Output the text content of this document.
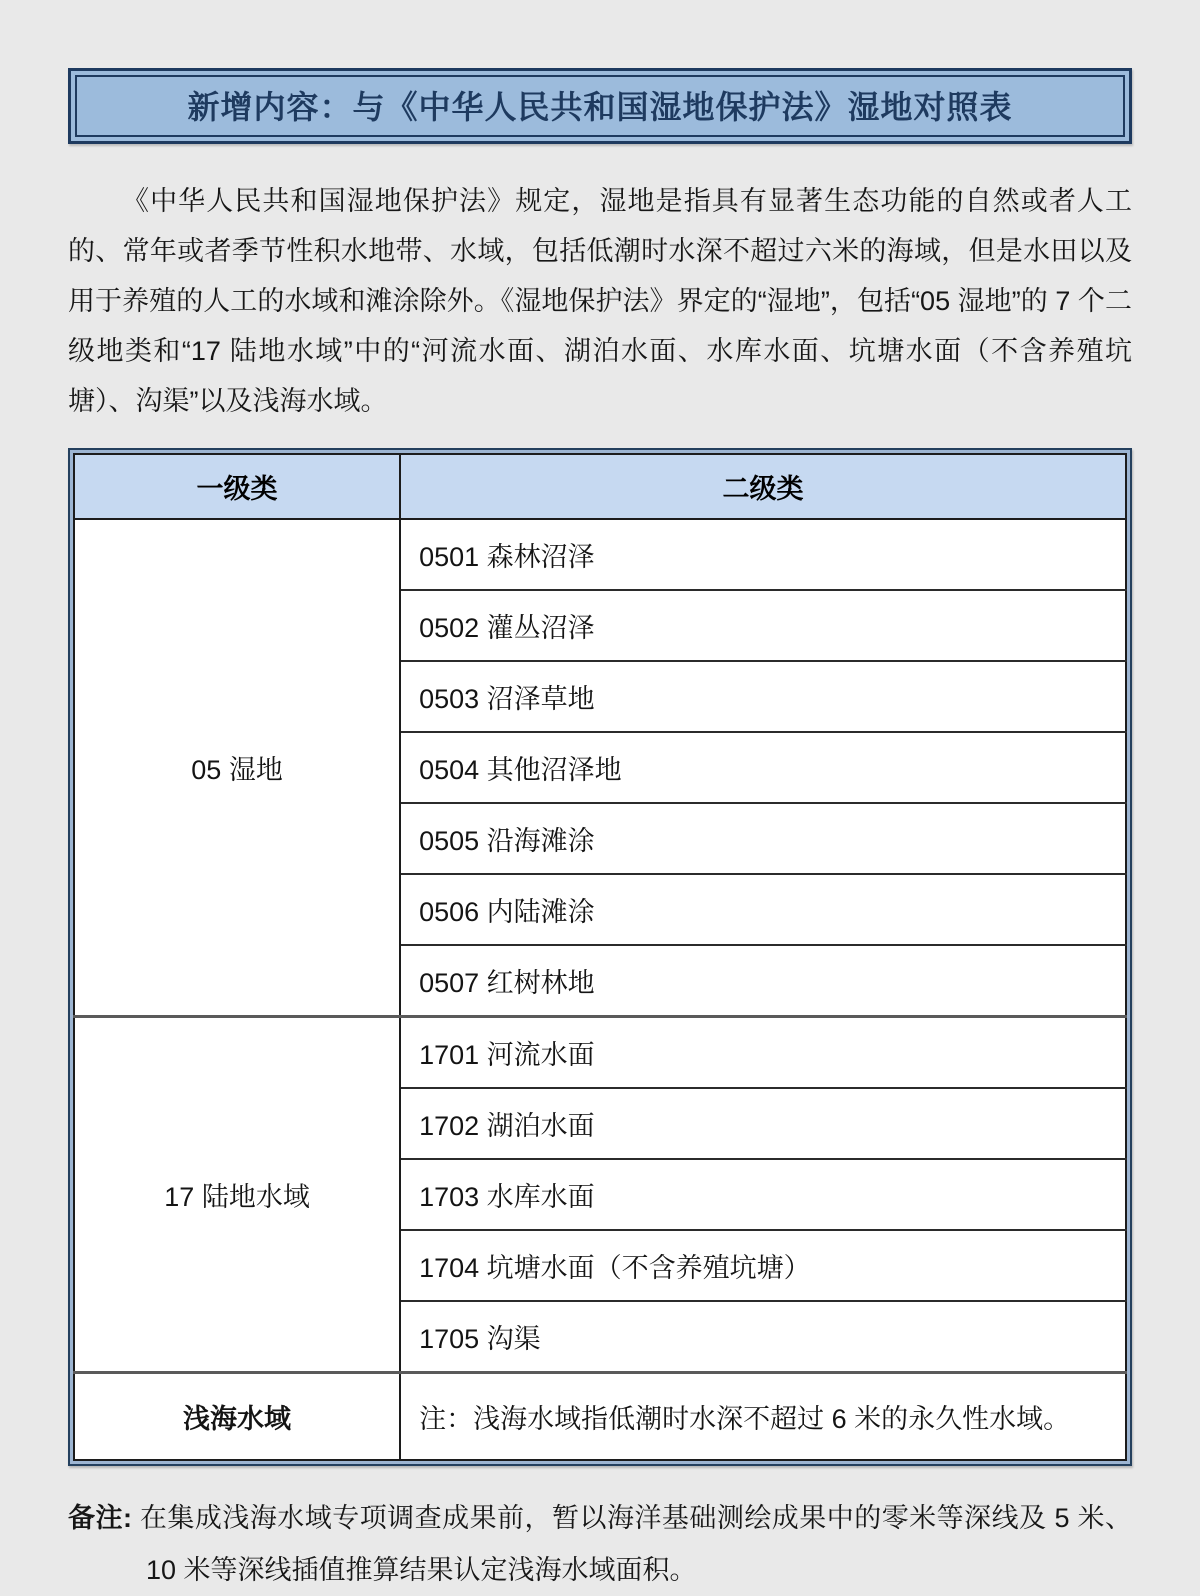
新增内容：与《中华人民共和国湿地保护法》湿地对照表

《中华人民共和国湿地保护法》规定，湿地是指具有显著生态功能的自然或者人工的、常年或者季节性积水地带、水域，包括低潮时水深不超过六米的海域，但是水田以及用于养殖的人工的水域和滩涂除外。《湿地保护法》界定的“湿地”，包括“05 湿地”的 7 个二级地类和“17 陆地水域”中的“河流水面、湖泊水面、水库水面、坑塘水面（不含养殖坑塘）、沟渠”以及浅海水域。

一级类	二级类
05 湿地	0501 森林沼泽
	0502 灌丛沼泽
	0503 沼泽草地
	0504 其他沼泽地
	0505 沿海滩涂
	0506 内陆滩涂
	0507 红树林地
17 陆地水域	1701 河流水面
	1702 湖泊水面
	1703 水库水面
	1704 坑塘水面（不含养殖坑塘）
	1705 沟渠
浅海水域	注：浅海水域指低潮时水深不超过 6 米的永久性水域。
备注: 在集成浅海水域专项调查成果前，暂以海洋基础测绘成果中的零米等深线及 5 米、10 米等深线插值推算结果认定浅海水域面积。
